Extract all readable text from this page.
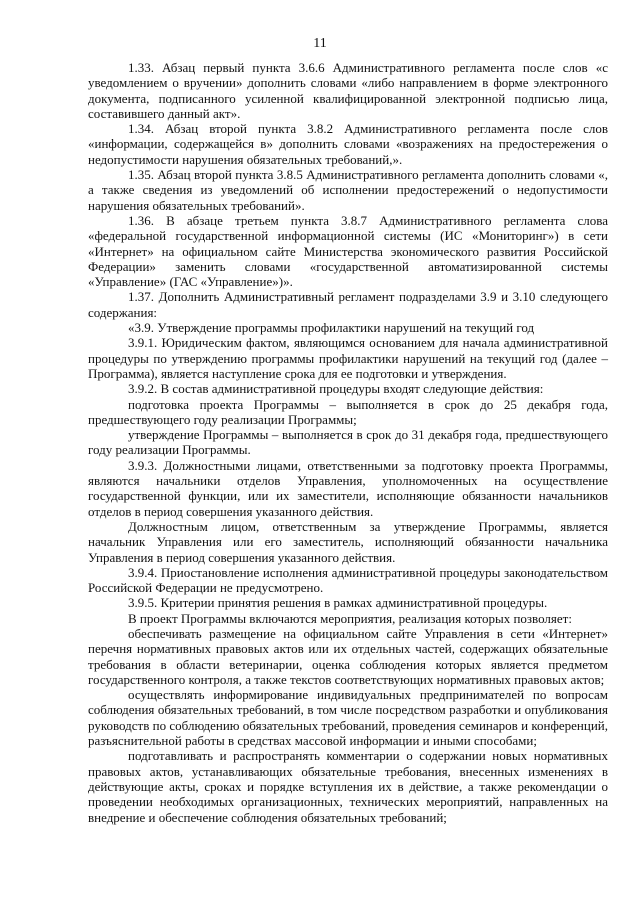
11

1.33. Абзац первый пункта 3.6.6 Административного регламента после слов «с уведомлением о вручении» дополнить словами «либо направлением в форме электронного документа, подписанного усиленной квалифицированной электронной подписью лица, составившего данный акт».

1.34. Абзац второй пункта 3.8.2 Административного регламента после слов «информации, содержащейся в» дополнить словами «возражениях на предостережения о недопустимости нарушения обязательных требований,».

1.35. Абзац второй пункта 3.8.5 Административного регламента дополнить словами «, а также сведения из уведомлений об исполнении предостережений о недопустимости нарушения обязательных требований».

1.36. В абзаце третьем пункта 3.8.7 Административного регламента слова «федеральной государственной информационной системы (ИС «Мониторинг») в сети «Интернет» на официальном сайте Министерства экономического развития Российской Федерации» заменить словами «государственной автоматизированной системы «Управление» (ГАС «Управление»)».

1.37. Дополнить Административный регламент подразделами 3.9 и 3.10 следующего содержания:

«3.9. Утверждение программы профилактики нарушений на текущий год

3.9.1. Юридическим фактом, являющимся основанием для начала административной процедуры по утверждению программы профилактики нарушений на текущий год (далее – Программа), является наступление срока для ее подготовки и утверждения.

3.9.2. В состав административной процедуры входят следующие действия:

подготовка проекта Программы – выполняется в срок до 25 декабря года, предшествующего году реализации Программы;

утверждение Программы – выполняется в срок до 31 декабря года, предшествующего году реализации Программы.

3.9.3. Должностными лицами, ответственными за подготовку проекта Программы, являются начальники отделов Управления, уполномоченных на осуществление государственной функции, или их заместители, исполняющие обязанности начальников отделов в период совершения указанного действия.

Должностным лицом, ответственным за утверждение Программы, является начальник Управления или его заместитель, исполняющий обязанности начальника Управления в период совершения указанного действия.

3.9.4. Приостановление исполнения административной процедуры законодательством Российской Федерации не предусмотрено.

3.9.5. Критерии принятия решения в рамках административной процедуры.

В проект Программы включаются мероприятия, реализация которых позволяет:

обеспечивать размещение на официальном сайте Управления в сети «Интернет» перечня нормативных правовых актов или их отдельных частей, содержащих обязательные требования в области ветеринарии, оценка соблюдения которых является предметом государственного контроля, а также текстов соответствующих нормативных правовых актов;

осуществлять информирование индивидуальных предпринимателей по вопросам соблюдения обязательных требований, в том числе посредством разработки и опубликования руководств по соблюдению обязательных требований, проведения семинаров и конференций, разъяснительной работы в средствах массовой информации и иными способами;

подготавливать и распространять комментарии о содержании новых нормативных правовых актов, устанавливающих обязательные требования, внесенных изменениях в действующие акты, сроках и порядке вступления их в действие, а также рекомендации о проведении необходимых организационных, технических мероприятий, направленных на внедрение и обеспечение соблюдения обязательных требований;
